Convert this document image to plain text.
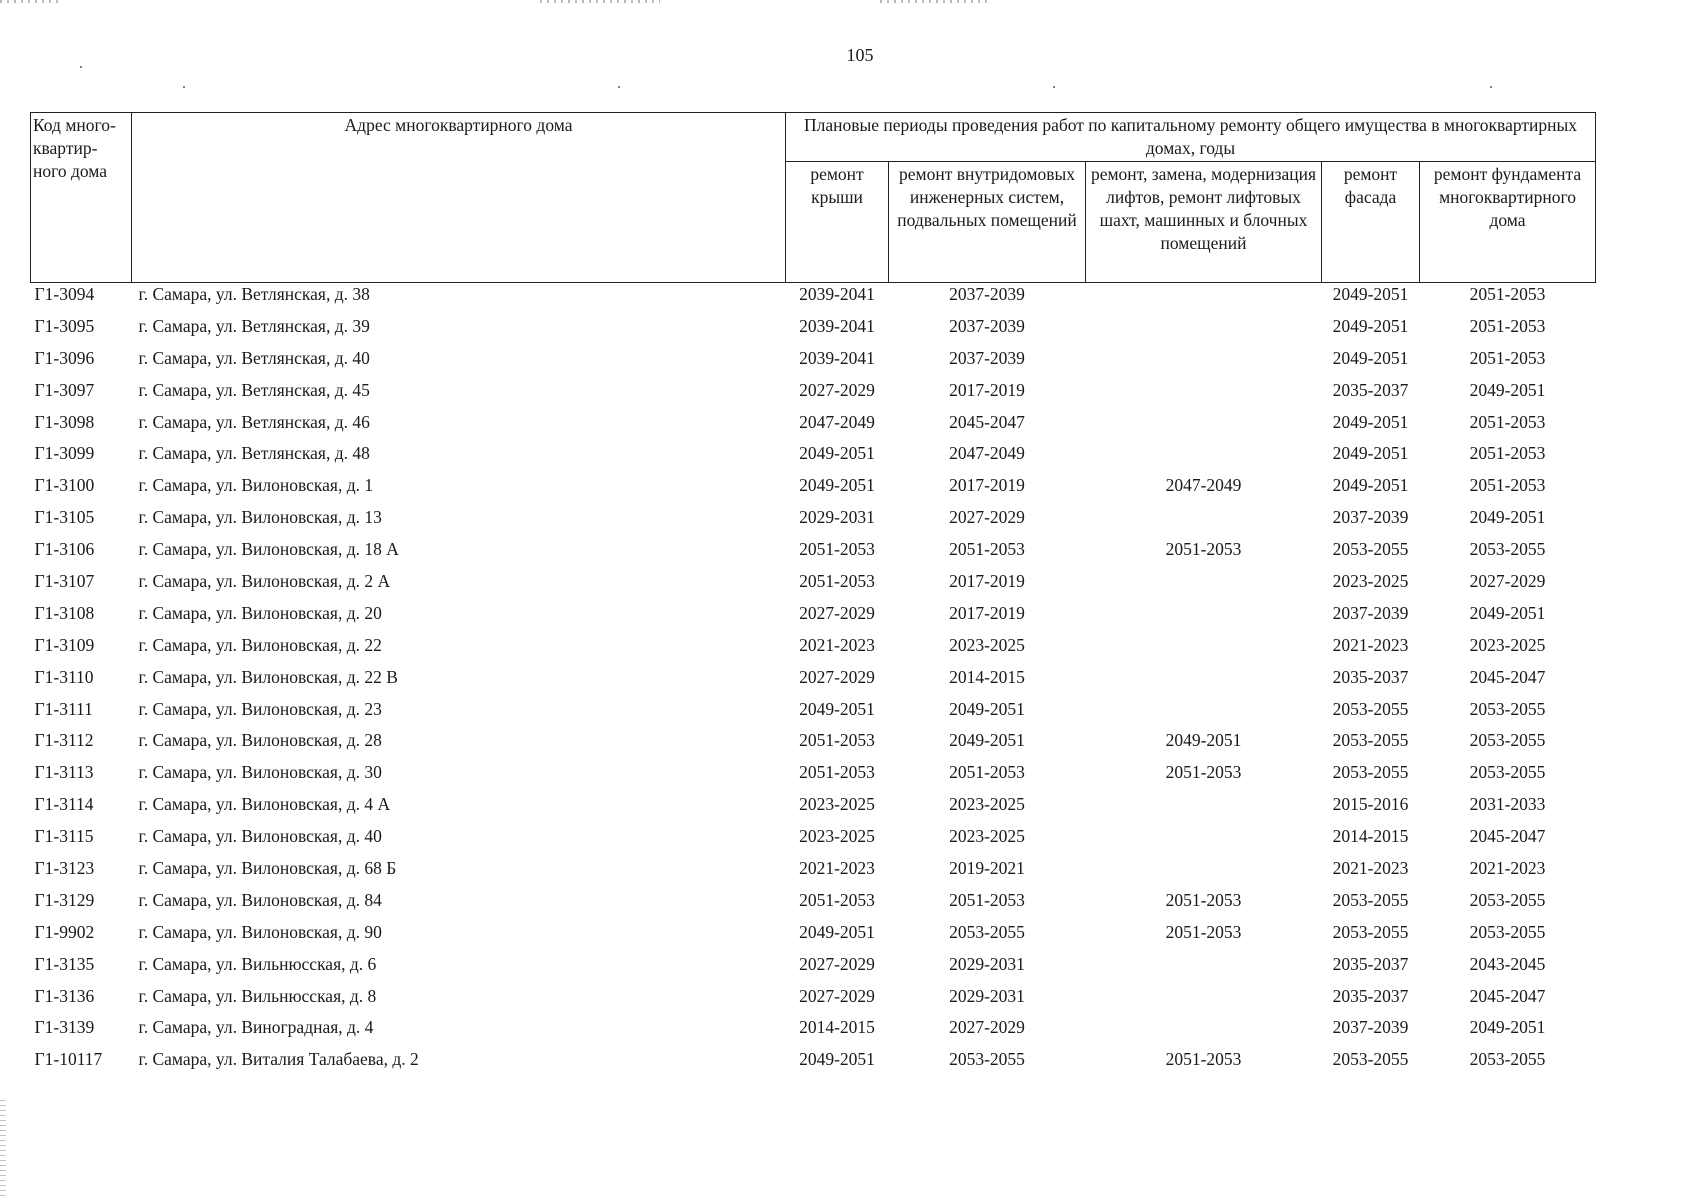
105
Код много-квартир-ного дома	Адрес многоквартирного дома	Плановые периоды проведения работ по капитальному ремонту общего имущества в многоквартирных домах, годы				
		ремонт крыши	ремонт внутридомовых инженерных систем, подвальных помещений	ремонт, замена, модернизация лифтов, ремонт лифтовых шахт, машинных и блочных помещений	ремонт фасада	ремонт фундамента многоквартирного дома
Г1-3094	г. Самара, ул. Ветлянская, д. 38	2039-2041	2037-2039		2049-2051	2051-2053
Г1-3095	г. Самара, ул. Ветлянская, д. 39	2039-2041	2037-2039		2049-2051	2051-2053
Г1-3096	г. Самара, ул. Ветлянская, д. 40	2039-2041	2037-2039		2049-2051	2051-2053
Г1-3097	г. Самара, ул. Ветлянская, д. 45	2027-2029	2017-2019		2035-2037	2049-2051
Г1-3098	г. Самара, ул. Ветлянская, д. 46	2047-2049	2045-2047		2049-2051	2051-2053
Г1-3099	г. Самара, ул. Ветлянская, д. 48	2049-2051	2047-2049		2049-2051	2051-2053
Г1-3100	г. Самара, ул. Вилоновская, д. 1	2049-2051	2017-2019	2047-2049	2049-2051	2051-2053
Г1-3105	г. Самара, ул. Вилоновская, д. 13	2029-2031	2027-2029		2037-2039	2049-2051
Г1-3106	г. Самара, ул. Вилоновская, д. 18 А	2051-2053	2051-2053	2051-2053	2053-2055	2053-2055
Г1-3107	г. Самара, ул. Вилоновская, д. 2 А	2051-2053	2017-2019		2023-2025	2027-2029
Г1-3108	г. Самара, ул. Вилоновская, д. 20	2027-2029	2017-2019		2037-2039	2049-2051
Г1-3109	г. Самара, ул. Вилоновская, д. 22	2021-2023	2023-2025		2021-2023	2023-2025
Г1-3110	г. Самара, ул. Вилоновская, д. 22 В	2027-2029	2014-2015		2035-2037	2045-2047
Г1-3111	г. Самара, ул. Вилоновская, д. 23	2049-2051	2049-2051		2053-2055	2053-2055
Г1-3112	г. Самара, ул. Вилоновская, д. 28	2051-2053	2049-2051	2049-2051	2053-2055	2053-2055
Г1-3113	г. Самара, ул. Вилоновская, д. 30	2051-2053	2051-2053	2051-2053	2053-2055	2053-2055
Г1-3114	г. Самара, ул. Вилоновская, д. 4 А	2023-2025	2023-2025		2015-2016	2031-2033
Г1-3115	г. Самара, ул. Вилоновская, д. 40	2023-2025	2023-2025		2014-2015	2045-2047
Г1-3123	г. Самара, ул. Вилоновская, д. 68 Б	2021-2023	2019-2021		2021-2023	2021-2023
Г1-3129	г. Самара, ул. Вилоновская, д. 84	2051-2053	2051-2053	2051-2053	2053-2055	2053-2055
Г1-9902	г. Самара, ул. Вилоновская, д. 90	2049-2051	2053-2055	2051-2053	2053-2055	2053-2055
Г1-3135	г. Самара, ул. Вильнюсская, д. 6	2027-2029	2029-2031		2035-2037	2043-2045
Г1-3136	г. Самара, ул. Вильнюсская, д. 8	2027-2029	2029-2031		2035-2037	2045-2047
Г1-3139	г. Самара, ул. Виноградная, д. 4	2014-2015	2027-2029		2037-2039	2049-2051
Г1-10117	г. Самара, ул. Виталия Талабаева, д. 2	2049-2051	2053-2055	2051-2053	2053-2055	2053-2055
